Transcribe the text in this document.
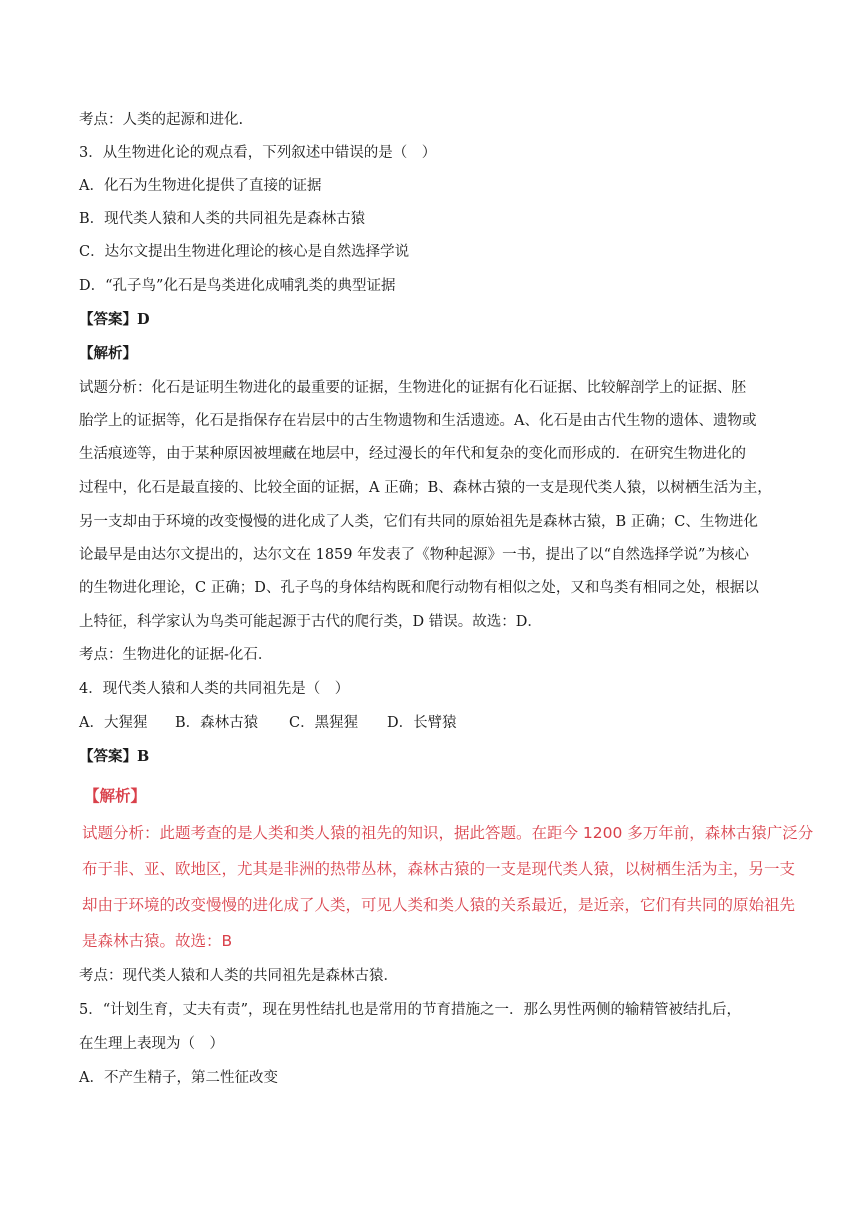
考点：人类的起源和进化.
3．从生物进化论的观点看，下列叙述中错误的是（　）
A．化石为生物进化提供了直接的证据
B．现代类人猿和人类的共同祖先是森林古猿
C．达尔文提出生物进化理论的核心是自然选择学说
D．“孔子鸟”化石是鸟类进化成哺乳类的典型证据
【答案】D
【解析】
试题分析：化石是证明生物进化的最重要的证据，生物进化的证据有化石证据、比较解剖学上的证据、胚
胎学上的证据等，化石是指保存在岩层中的古生物遗物和生活遗迹。A、化石是由古代生物的遗体、遗物或
生活痕迹等，由于某种原因被埋藏在地层中，经过漫长的年代和复杂的变化而形成的．在研究生物进化的
过程中，化石是最直接的、比较全面的证据，A 正确；B、森林古猿的一支是现代类人猿，以树栖生活为主，
另一支却由于环境的改变慢慢的进化成了人类，它们有共同的原始祖先是森林古猿，B 正确；C、生物进化
论最早是由达尔文提出的，达尔文在 1859 年发表了《物种起源》一书，提出了以“自然选择学说”为核心
的生物进化理论，C 正确；D、孔子鸟的身体结构既和爬行动物有相似之处，又和鸟类有相同之处，根据以
上特征，科学家认为鸟类可能起源于古代的爬行类，D 错误。故选：D．
考点：生物进化的证据-化石．
4．现代类人猿和人类的共同祖先是（　）
A．大猩猩 B．森林古猿 C．黑猩猩 D．长臂猿
【答案】B
【解析】
试题分析：此题考查的是人类和类人猿的祖先的知识，据此答题。在距今 1200 多万年前，森林古猿广泛分
布于非、亚、欧地区，尤其是非洲的热带丛林，森林古猿的一支是现代类人猿，以树栖生活为主，另一支
却由于环境的改变慢慢的进化成了人类，可见人类和类人猿的关系最近，是近亲，它们有共同的原始祖先
是森林古猿。故选：B
考点：现代类人猿和人类的共同祖先是森林古猿．
5．“计划生育，丈夫有责”，现在男性结扎也是常用的节育措施之一．那么男性两侧的输精管被结扎后，
在生理上表现为（　）
A．不产生精子，第二性征改变
